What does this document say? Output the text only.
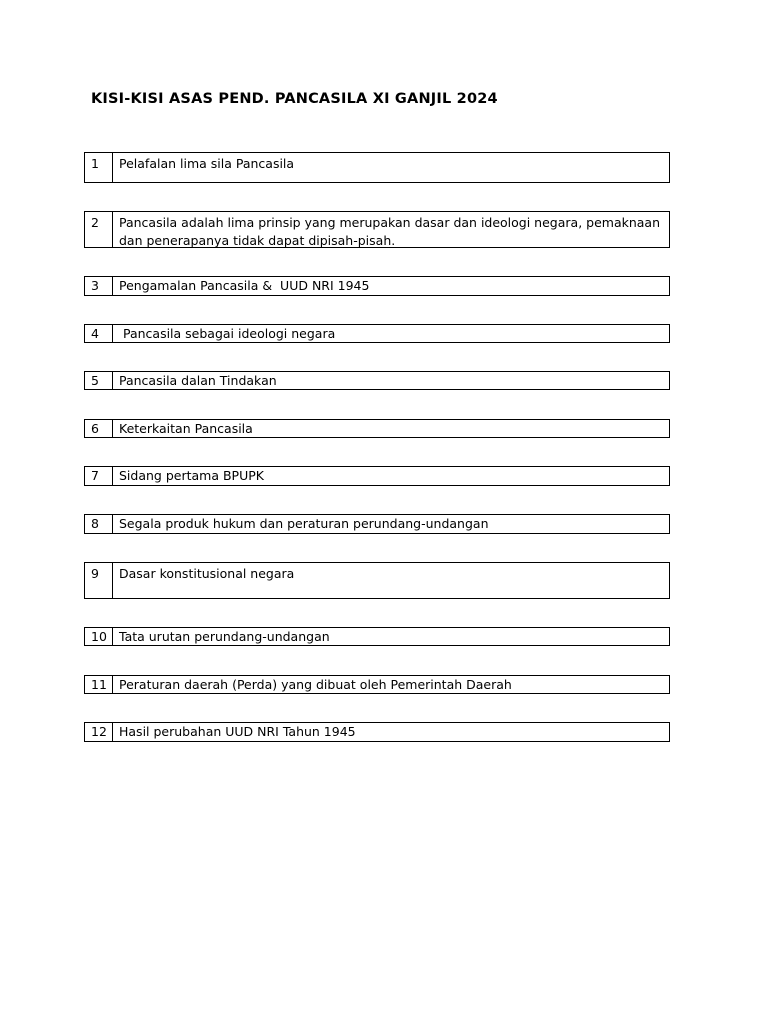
KISI-KISI ASAS PEND. PANCASILA XI GANJIL 2024
1	Pelafalan lima sila Pancasila
2	Pancasila adalah lima prinsip yang merupakan dasar dan ideologi negara, pemaknaan dan penerapanya tidak dapat dipisah-pisah.
3	Pengamalan Pancasila &  UUD NRI 1945
4	Pancasila sebagai ideologi negara
5	Pancasila dalan Tindakan
6	Keterkaitan Pancasila
7	Sidang pertama BPUPK
8	Segala produk hukum dan peraturan perundang-undangan
9	Dasar konstitusional negara
10 Tata urutan perundang-undangan
11 Peraturan daerah (Perda) yang dibuat oleh Pemerintah Daerah
12 Hasil perubahan UUD NRI Tahun 1945
